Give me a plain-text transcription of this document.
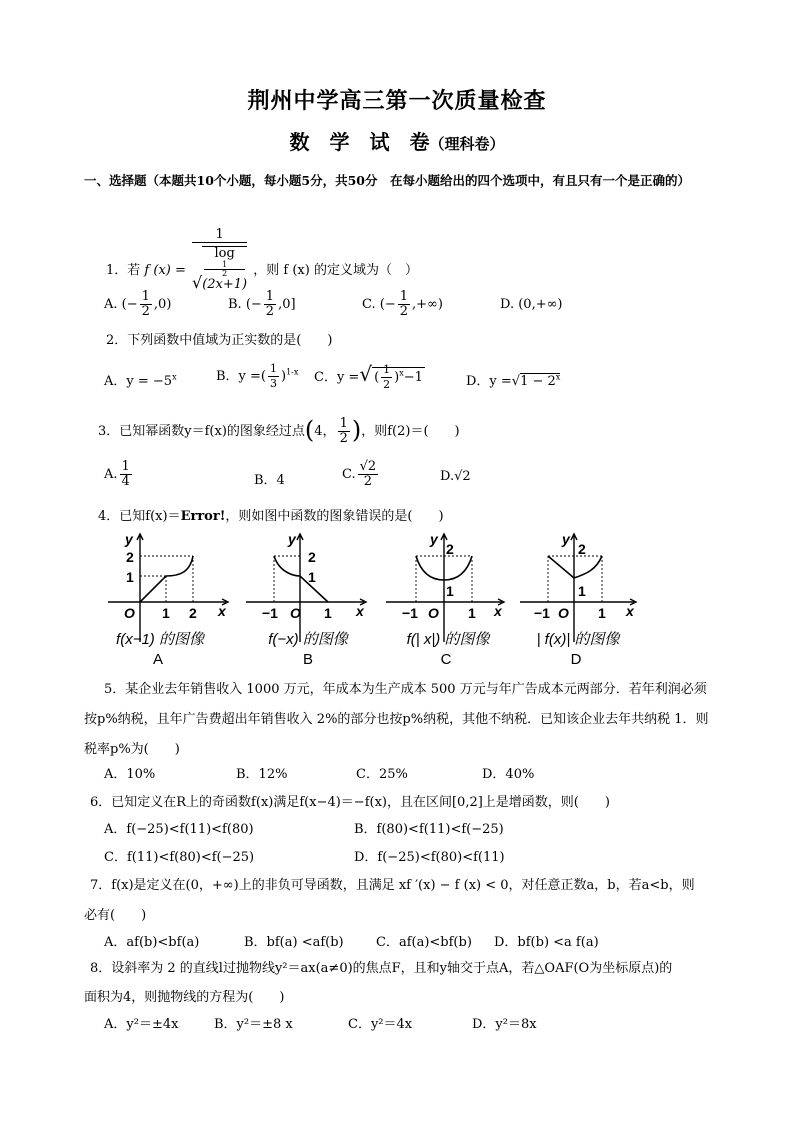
荆州中学高三第一次质量检查
数　学　试　卷（理科卷）
一、选择题（本题共10个小题，每小题5分，共50分　在每小题给出的四个选项中，有且只有一个是正确的）
1．若 f (x) = 1
√
log
1
2
(2x+1) ，则 f (x) 的定义域为（　）
A. (− $\frac{1}{2} ,0$)	B. (− $\frac{1}{2} ,0$]	C. (− $\frac{1}{2}$ ,+∞)	D. (0,+∞)
2．下列函数中值域为正实数的是(　　)
A．$y = -5^x$	B．y =( $\frac{1}{3} )^{1-x}$ C．y =√ ( $\frac{1}{2} )^x-1$	D．$y =√1 - 2^x$
3．已知幂函数y＝f(x)的图象经过点(4， $\frac{1}{2}$ )，则f(2)＝(　　)
A. $\frac{1}{4}$	B．4	C. $\frac{√2}{2}$	D.√2
4．已知f(x)＝Error!，则如图中函数的图象错误的是(　　)
y
x
O
2
1
1 2
y
x
O
2
1
−1	1
y
x
O
2
1
−1	1
y
x
O
2
1
−1	1
f(x−1) 的图像	f(−x) 的图像	f(| x|) 的图像	| f(x)| 的图像
A	B	C	D
5．某企业去年销售收入 1000 万元，年成本为生产成本 500 万元与年广告成本元两部分．若年利润必须按p%纳税，且年广告费超出年销售收入 2%的部分也按p%纳税，其他不纳税．已知该企业去年共纳税 1．则税率p%为(　　)
A．10%	B．12%	C．25%	D．40%
6．已知定义在R上的奇函数f(x)满足f(x−4)＝−f(x)，且在区间[0,2]上是增函数，则(　　)
A．f(−25)<f(11)<f(80)	B．f(80)<f(11)<f(−25)
C．f(11)<f(80)<f(−25)	D．f(−25)<f(80)<f(11)
7．f(x)是定义在(0，+∞)上的非负可导函数，且满足 xf ′(x) − f (x) < 0，对任意正数a，b，若a<b，则
必有(　　)
A．af(b)<bf(a)	B．bf(a) <af(b) C．af(a)<bf(b) D．bf(b) <a f(a)
8．设斜率为 2 的直线l过抛物线y²＝ax(a≠0)的焦点F，且和y轴交于点A，若△OAF(O为坐标原点)的
面积为4，则抛物线的方程为(　　)
A．y²＝±4x	B．y²＝±8 x	C．y²＝4x	D．y²＝8x
